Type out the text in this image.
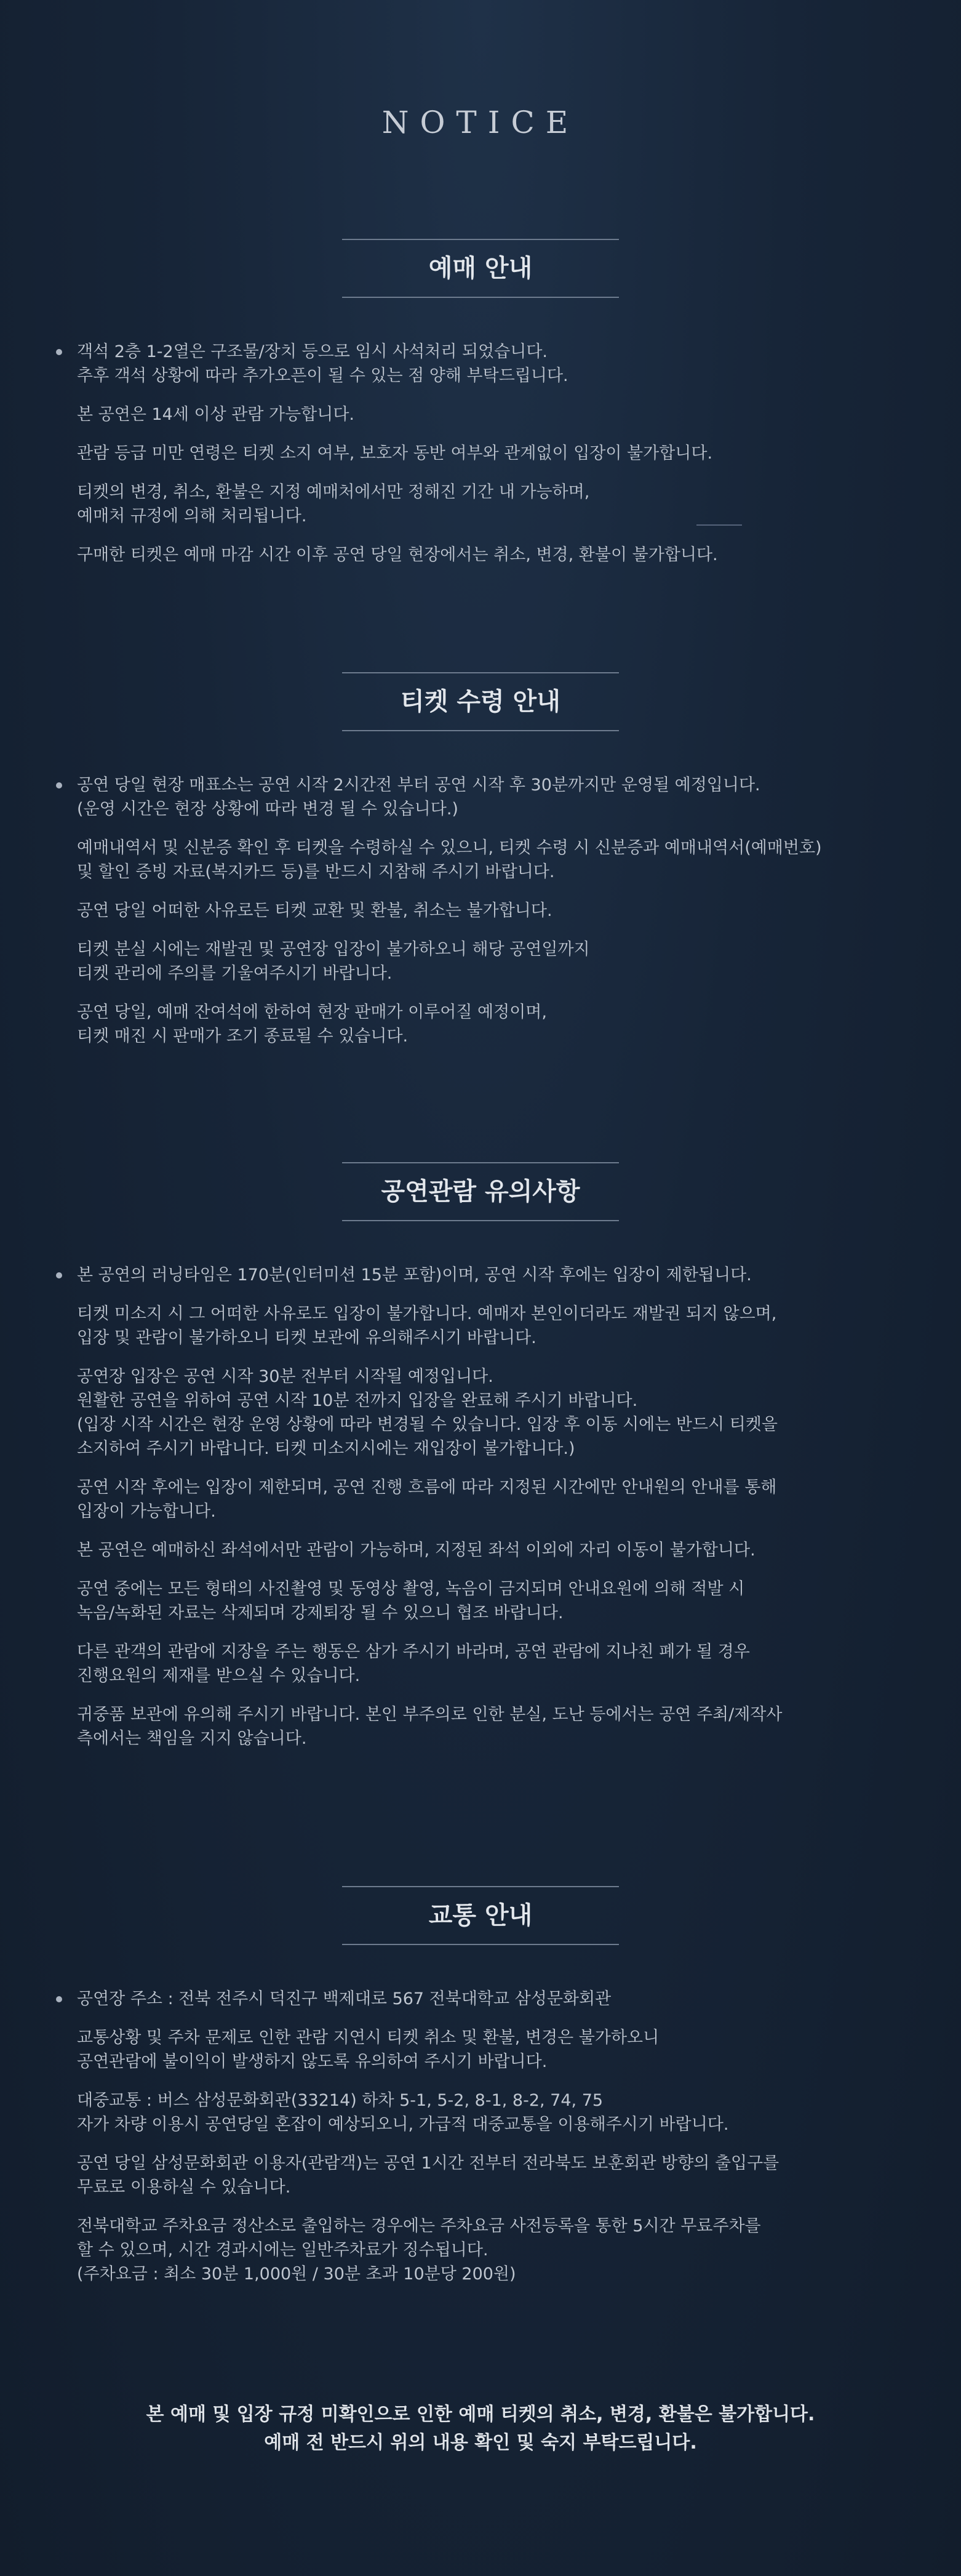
NOTICE
예매 안내
객석 2층 1-2열은 구조물/장치 등으로 임시 사석처리 되었습니다.
추후 객석 상황에 따라 추가오픈이 될 수 있는 점 양해 부탁드립니다.
본 공연은 14세 이상 관람 가능합니다.
관람 등급 미만 연령은 티켓 소지 여부, 보호자 동반 여부와 관계없이 입장이 불가합니다.
티켓의 변경, 취소, 환불은 지정 예매처에서만 정해진 기간 내 가능하며,
예매처 규정에 의해 처리됩니다.
구매한 티켓은 예매 마감 시간 이후 공연 당일 현장에서는 취소, 변경, 환불이 불가합니다.
티켓 수령 안내
공연 당일 현장 매표소는 공연 시작 2시간전 부터 공연 시작 후 30분까지만 운영될 예정입니다.
(운영 시간은 현장 상황에 따라 변경 될 수 있습니다.)
예매내역서 및 신분증 확인 후 티켓을 수령하실 수 있으니, 티켓 수령 시 신분증과 예매내역서(예매번호)
및 할인 증빙 자료(복지카드 등)를 반드시 지참해 주시기 바랍니다.
공연 당일 어떠한 사유로든 티켓 교환 및 환불, 취소는 불가합니다.
티켓 분실 시에는 재발권 및 공연장 입장이 불가하오니 해당 공연일까지
티켓 관리에 주의를 기울여주시기 바랍니다.
공연 당일, 예매 잔여석에 한하여 현장 판매가 이루어질 예정이며,
티켓 매진 시 판매가 조기 종료될 수 있습니다.
공연관람 유의사항
본 공연의 러닝타임은 170분(인터미션 15분 포함)이며, 공연 시작 후에는 입장이 제한됩니다.
티켓 미소지 시 그 어떠한 사유로도 입장이 불가합니다. 예매자 본인이더라도 재발권 되지 않으며,
입장 및 관람이 불가하오니 티켓 보관에 유의해주시기 바랍니다.
공연장 입장은 공연 시작 30분 전부터 시작될 예정입니다.
원활한 공연을 위하여 공연 시작 10분 전까지 입장을 완료해 주시기 바랍니다.
(입장 시작 시간은 현장 운영 상황에 따라 변경될 수 있습니다. 입장 후 이동 시에는 반드시 티켓을
소지하여 주시기 바랍니다. 티켓 미소지시에는 재입장이 불가합니다.)
공연 시작 후에는 입장이 제한되며, 공연 진행 흐름에 따라 지정된 시간에만 안내원의 안내를 통해
입장이 가능합니다.
본 공연은 예매하신 좌석에서만 관람이 가능하며, 지정된 좌석 이외에 자리 이동이 불가합니다.
공연 중에는 모든 형태의 사진촬영 및 동영상 촬영, 녹음이 금지되며 안내요원에 의해 적발 시
녹음/녹화된 자료는 삭제되며 강제퇴장 될 수 있으니 협조 바랍니다.
다른 관객의 관람에 지장을 주는 행동은 삼가 주시기 바라며, 공연 관람에 지나친 폐가 될 경우
진행요원의 제재를 받으실 수 있습니다.
귀중품 보관에 유의해 주시기 바랍니다. 본인 부주의로 인한 분실, 도난 등에서는 공연 주최/제작사
측에서는 책임을 지지 않습니다.
교통 안내
공연장 주소 : 전북 전주시 덕진구 백제대로 567 전북대학교 삼성문화회관
교통상황 및 주차 문제로 인한 관람 지연시 티켓 취소 및 환불, 변경은 불가하오니
공연관람에 불이익이 발생하지 않도록 유의하여 주시기 바랍니다.
대중교통 : 버스 삼성문화회관(33214) 하차 5-1, 5-2, 8-1, 8-2, 74, 75
자가 차량 이용시 공연당일 혼잡이 예상되오니, 가급적 대중교통을 이용해주시기 바랍니다.
공연 당일 삼성문화회관 이용자(관람객)는 공연 1시간 전부터 전라북도 보훈회관 방향의 출입구를
무료로 이용하실 수 있습니다.
전북대학교 주차요금 정산소로 출입하는 경우에는 주차요금 사전등록을 통한 5시간 무료주차를
할 수 있으며, 시간 경과시에는 일반주차료가 징수됩니다.
(주차요금 : 최소 30분 1,000원 / 30분 초과 10분당 200원)
본 예매 및 입장 규정 미확인으로 인한 예매 티켓의 취소, 변경, 환불은 불가합니다.
예매 전 반드시 위의 내용 확인 및 숙지 부탁드립니다.
